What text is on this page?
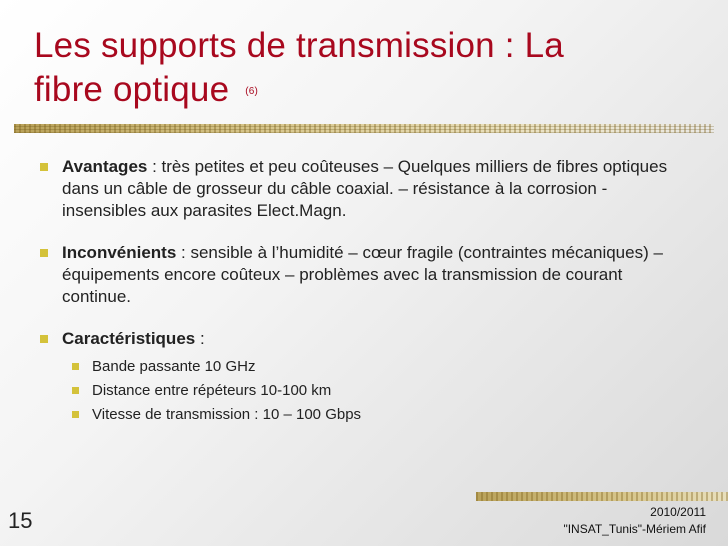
Les supports de transmission : La
fibre optique (6)
Avantages : très petites et peu coûteuses – Quelques milliers de fibres optiques dans un câble de grosseur du câble coaxial. – résistance à la corrosion - insensibles aux parasites Elect.Magn.
Inconvénients : sensible à l’humidité – cœur fragile (contraintes mécaniques) –équipements encore coûteux – problèmes avec la transmission de courant continue.
Caractéristiques :
Bande passante 10 GHz
Distance entre répéteurs 10-100 km
Vitesse de transmission : 10 – 100 Gbps
15	2010/2011
"INSAT_Tunis"-Mériem Afif
